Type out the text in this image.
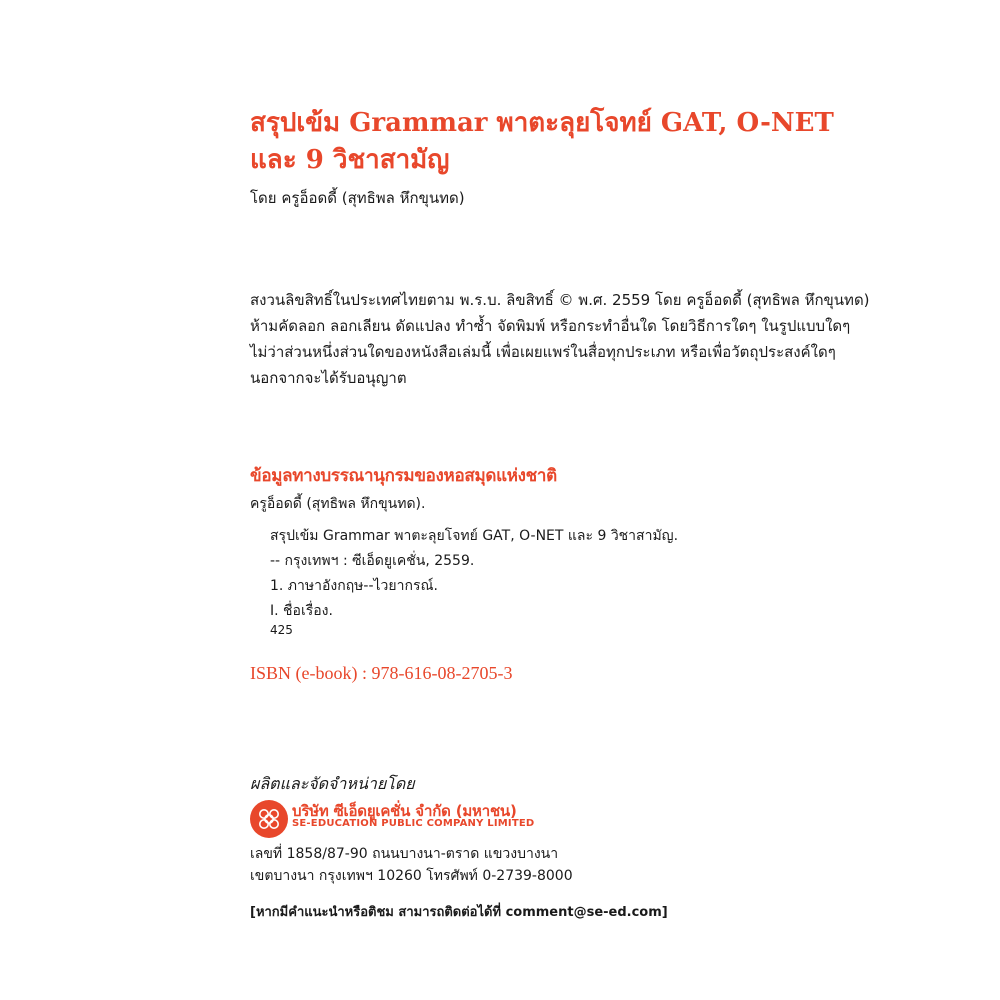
สรุปเข้ม Grammar พาตะลุยโจทย์ GAT, O-NET
และ 9 วิชาสามัญ
โดย ครูอ็อดดี้ (สุทธิพล หึกขุนทด)
สงวนลิขสิทธิ์ในประเทศไทยตาม พ.ร.บ. ลิขสิทธิ์ © พ.ศ. 2559 โดย ครูอ็อดดี้ (สุทธิพล หึกขุนทด)
ห้ามคัดลอก ลอกเลียน ดัดแปลง ทำซ้ำ จัดพิมพ์ หรือกระทำอื่นใด โดยวิธีการใดๆ ในรูปแบบใดๆ
ไม่ว่าส่วนหนึ่งส่วนใดของหนังสือเล่มนี้ เพื่อเผยแพร่ในสื่อทุกประเภท หรือเพื่อวัตถุประสงค์ใดๆ
นอกจากจะได้รับอนุญาต
ข้อมูลทางบรรณานุกรมของหอสมุดแห่งชาติ
ครูอ็อดดี้ (สุทธิพล หึกขุนทด).
สรุปเข้ม Grammar พาตะลุยโจทย์ GAT, O-NET และ 9 วิชาสามัญ.
-- กรุงเทพฯ : ซีเอ็ดยูเคชั่น, 2559.
1. ภาษาอังกฤษ--ไวยากรณ์.
I. ชื่อเรื่อง.
425
ISBN (e-book) : 978-616-08-2705-3
ผลิตและจัดจำหน่ายโดย
บริษัท ซีเอ็ดยูเคชั่น จำกัด (มหาชน)
SE-EDUCATION PUBLIC COMPANY LIMITED
เลขที่ 1858/87-90 ถนนบางนา-ตราด แขวงบางนา
เขตบางนา กรุงเทพฯ 10260 โทรศัพท์ 0-2739-8000
[หากมีคำแนะนำหรือติชม สามารถติดต่อได้ที่ comment@se-ed.com]
